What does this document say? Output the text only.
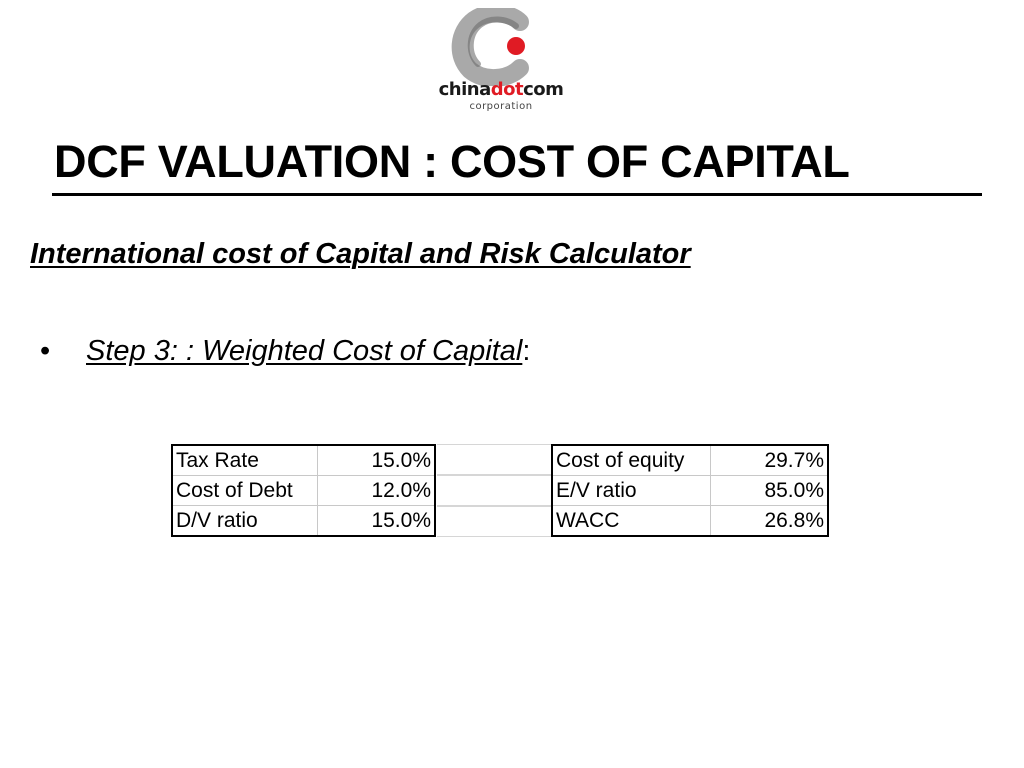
chinadotcom
corporation
DCF VALUATION : COST OF CAPITAL
International cost of Capital and Risk Calculator
• Step 3: : Weighted Cost of Capital:
Tax Rate	15.0%
Cost of Debt	12.0%
D/V ratio	15.0%
Cost of equity	29.7%
E/V ratio	85.0%
WACC	26.8%
